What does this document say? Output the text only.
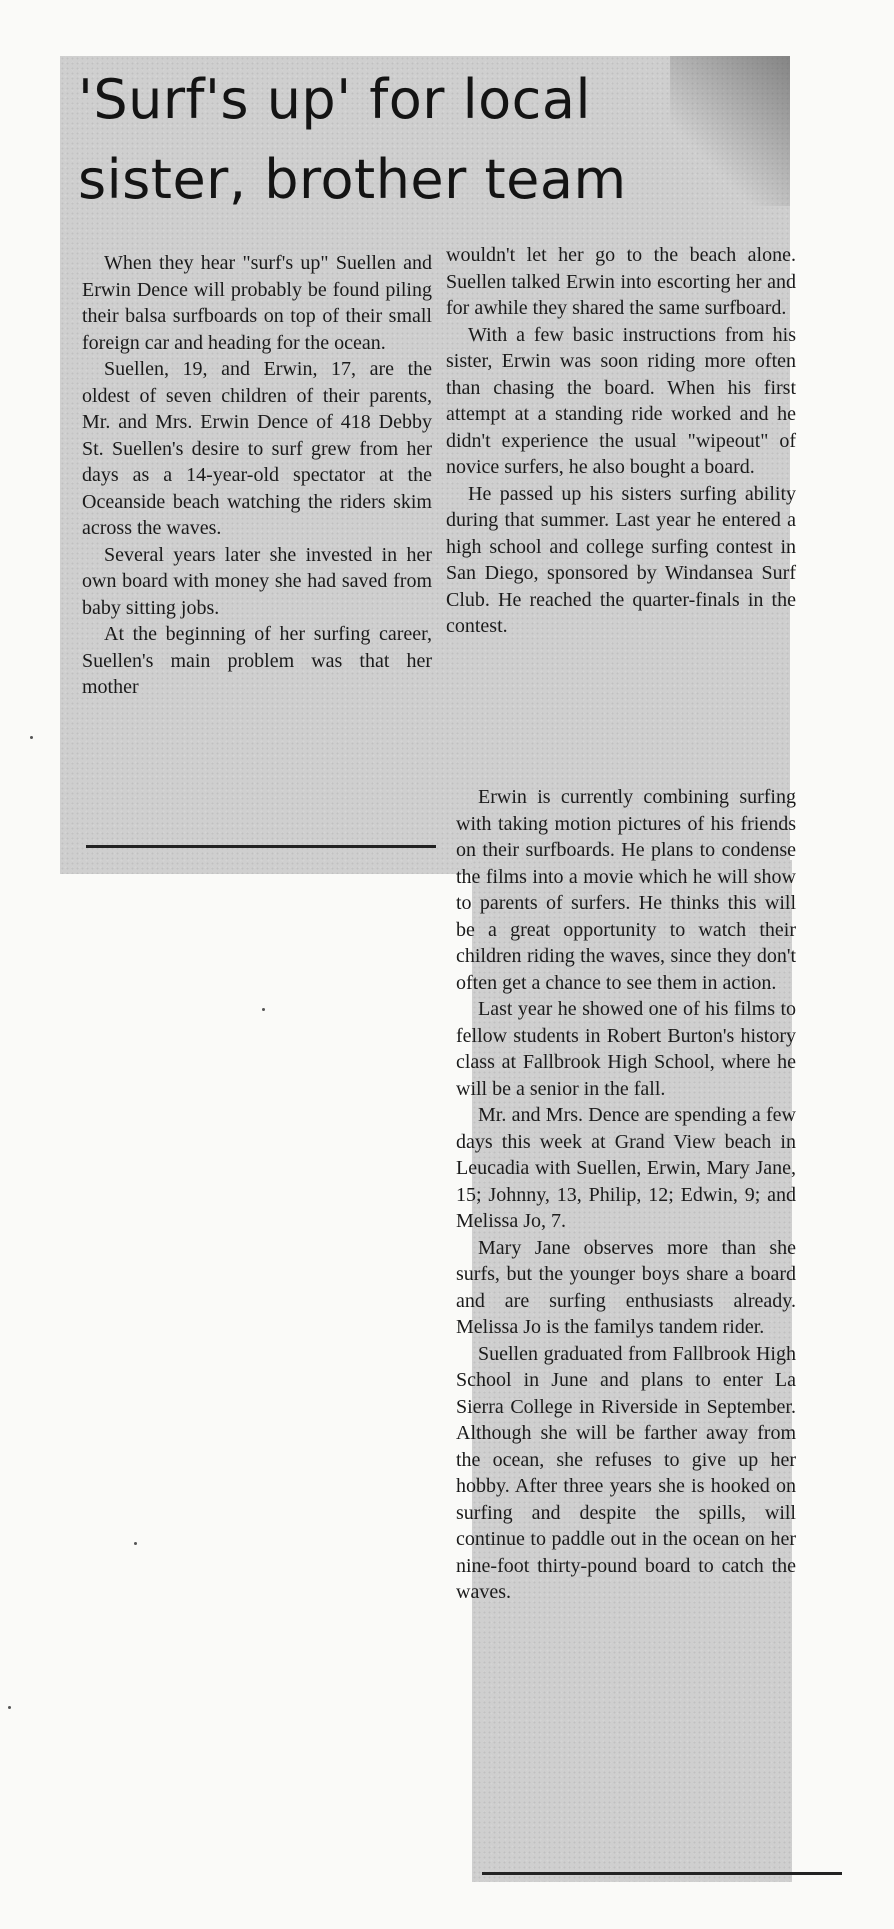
'Surf's up' for local
sister, brother team

When they hear "surf's up" Suellen and Erwin Dence will probably be found piling their balsa surfboards on top of their small foreign car and heading for the ocean.

Suellen, 19, and Erwin, 17, are the oldest of seven children of their parents, Mr. and Mrs. Erwin Dence of 418 Debby St. Suellen's desire to surf grew from her days as a 14-year-old spectator at the Oceanside beach watching the riders skim across the waves.

Several years later she invested in her own board with money she had saved from baby sitting jobs.

At the beginning of her surfing career, Suellen's main problem was that her mother

wouldn't let her go to the beach alone. Suellen talked Erwin into escorting her and for awhile they shared the same surfboard.

With a few basic instructions from his sister, Erwin was soon riding more often than chasing the board. When his first attempt at a standing ride worked and he didn't experience the usual "wipeout" of novice surfers, he also bought a board.

He passed up his sisters surfing ability during that summer. Last year he entered a high school and college surfing contest in San Diego, sponsored by Windansea Surf Club. He reached the quarter-finals in the contest.

Erwin is currently combining surfing with taking motion pictures of his friends on their surfboards. He plans to condense the films into a movie which he will show to parents of surfers. He thinks this will be a great opportunity to watch their children riding the waves, since they don't often get a chance to see them in action.

Last year he showed one of his films to fellow students in Robert Burton's history class at Fallbrook High School, where he will be a senior in the fall.

Mr. and Mrs. Dence are spending a few days this week at Grand View beach in Leucadia with Suellen, Erwin, Mary Jane, 15; Johnny, 13, Philip, 12; Edwin, 9; and Melissa Jo, 7.

Mary Jane observes more than she surfs, but the younger boys share a board and are surfing enthusiasts already. Melissa Jo is the familys tandem rider.

Suellen graduated from Fallbrook High School in June and plans to enter La Sierra College in Riverside in September. Although she will be farther away from the ocean, she refuses to give up her hobby. After three years she is hooked on surfing and despite the spills, will continue to paddle out in the ocean on her nine-foot thirty-pound board to catch the waves.
